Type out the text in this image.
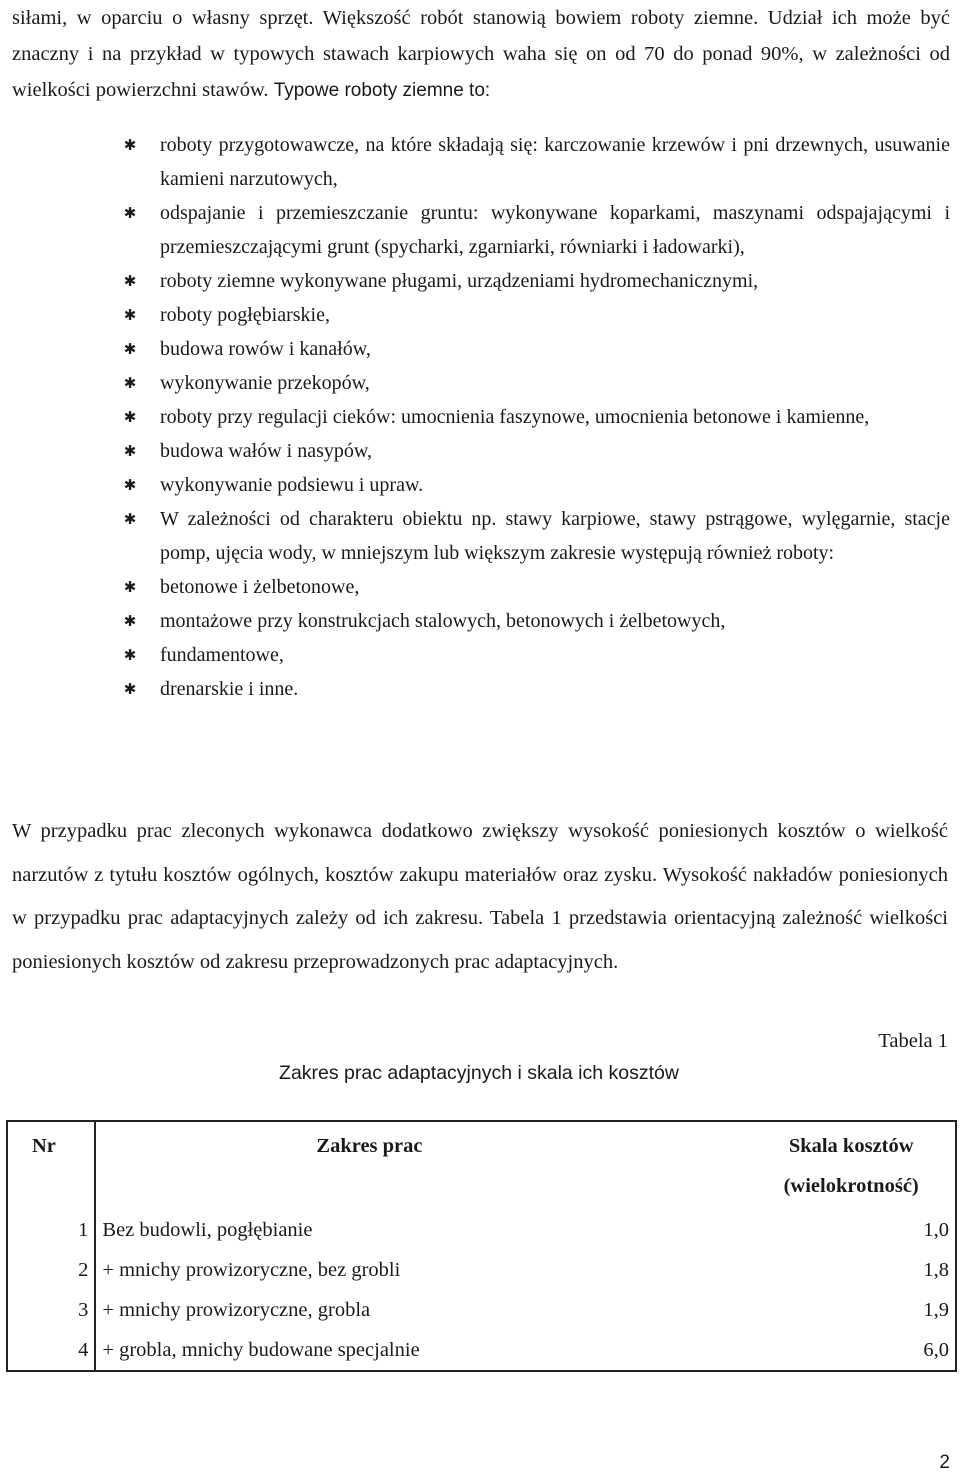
siłami, w oparciu o własny sprzęt. Większość robót stanowią bowiem roboty ziemne. Udział ich może być znaczny i na przykład w typowych stawach karpiowych waha się on od 70 do ponad 90%, w zależności od wielkości powierzchni stawów. Typowe roboty ziemne to:

✱ roboty przygotowawcze, na które składają się: karczowanie krzewów i pni drzewnych, usuwanie kamieni narzutowych,
✱ odspajanie i przemieszczanie gruntu: wykonywane koparkami, maszynami odspajającymi i przemieszczającymi grunt (spycharki, zgarniarki, równiarki i ładowarki),
✱ roboty ziemne wykonywane pługami, urządzeniami hydromechanicznymi,
✱ roboty pogłębiarskie,
✱ budowa rowów i kanałów,
✱ wykonywanie przekopów,
✱ roboty przy regulacji cieków: umocnienia faszynowe, umocnienia betonowe i kamienne,
✱ budowa wałów i nasypów,
✱ wykonywanie podsiewu i upraw.
✱ W zależności od charakteru obiektu np. stawy karpiowe, stawy pstrągowe, wylęgarnie, stacje pomp, ujęcia wody, w mniejszym lub większym zakresie występują również roboty:
✱ betonowe i żelbetonowe,
✱ montażowe przy konstrukcjach stalowych, betonowych i żelbetowych,
✱ fundamentowe,
✱ drenarskie i inne.

W przypadku prac zleconych wykonawca dodatkowo zwiększy wysokość poniesionych kosztów o wielkość narzutów z tytułu kosztów ogólnych, kosztów zakupu materiałów oraz zysku. Wysokość nakładów poniesionych w przypadku prac adaptacyjnych zależy od ich zakresu. Tabela 1 przedstawia orientacyjną zależność wielkości poniesionych kosztów od zakresu przeprowadzonych prac adaptacyjnych.

Tabela 1
Zakres prac adaptacyjnych i skala ich kosztów
Nr	Zakres prac	Skala kosztów
(wielokrotność)

1	Bez budowli, pogłębianie	1,0
2	+ mnichy prowizoryczne, bez grobli	1,8
3	+ mnichy prowizoryczne, grobla	1,9
4	+ grobla, mnichy budowane specjalnie	6,0
2
